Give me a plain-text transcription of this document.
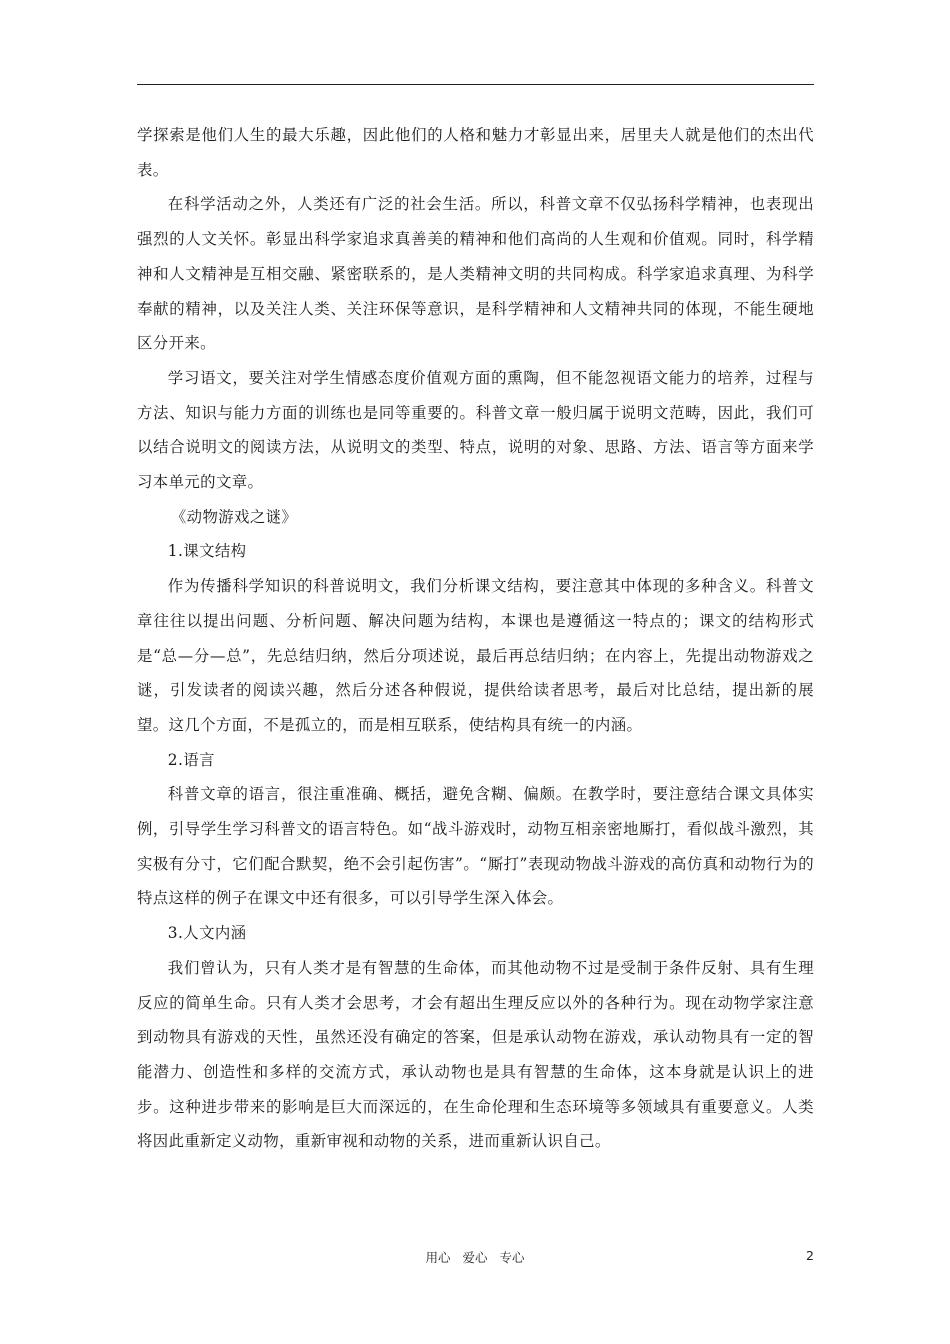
学探索是他们人生的最大乐趣，因此他们的人格和魅力才彰显出来，居里夫人就是他们的杰出代表。

在科学活动之外，人类还有广泛的社会生活。所以，科普文章不仅弘扬科学精神，也表现出强烈的人文关怀。彰显出科学家追求真善美的精神和他们高尚的人生观和价值观。同时，科学精神和人文精神是互相交融、紧密联系的，是人类精神文明的共同构成。科学家追求真理、为科学奉献的精神，以及关注人类、关注环保等意识，是科学精神和人文精神共同的体现，不能生硬地区分开来。

学习语文，要关注对学生情感态度价值观方面的熏陶，但不能忽视语文能力的培养，过程与方法、知识与能力方面的训练也是同等重要的。科普文章一般归属于说明文范畴，因此，我们可以结合说明文的阅读方法，从说明文的类型、特点，说明的对象、思路、方法、语言等方面来学习本单元的文章。

《动物游戏之谜》

1.课文结构

作为传播科学知识的科普说明文，我们分析课文结构，要注意其中体现的多种含义。科普文章往往以提出问题、分析问题、解决问题为结构，本课也是遵循这一特点的；课文的结构形式是“总—分—总”，先总结归纳，然后分项述说，最后再总结归纳；在内容上，先提出动物游戏之谜，引发读者的阅读兴趣，然后分述各种假说，提供给读者思考，最后对比总结，提出新的展望。这几个方面，不是孤立的，而是相互联系，使结构具有统一的内涵。

2.语言

科普文章的语言，很注重准确、概括，避免含糊、偏颇。在教学时，要注意结合课文具体实例，引导学生学习科普文的语言特色。如“战斗游戏时，动物互相亲密地厮打，看似战斗激烈，其实极有分寸，它们配合默契，绝不会引起伤害”。“厮打”表现动物战斗游戏的高仿真和动物行为的特点这样的例子在课文中还有很多，可以引导学生深入体会。

3.人文内涵

我们曾认为，只有人类才是有智慧的生命体，而其他动物不过是受制于条件反射、具有生理反应的简单生命。只有人类才会思考，才会有超出生理反应以外的各种行为。现在动物学家注意到动物具有游戏的天性，虽然还没有确定的答案，但是承认动物在游戏，承认动物具有一定的智能潜力、创造性和多样的交流方式，承认动物也是具有智慧的生命体，这本身就是认识上的进步。这种进步带来的影响是巨大而深远的，在生命伦理和生态环境等多领域具有重要意义。人类将因此重新定义动物，重新审视和动物的关系，进而重新认识自己。

用心 爱心 专心	2
